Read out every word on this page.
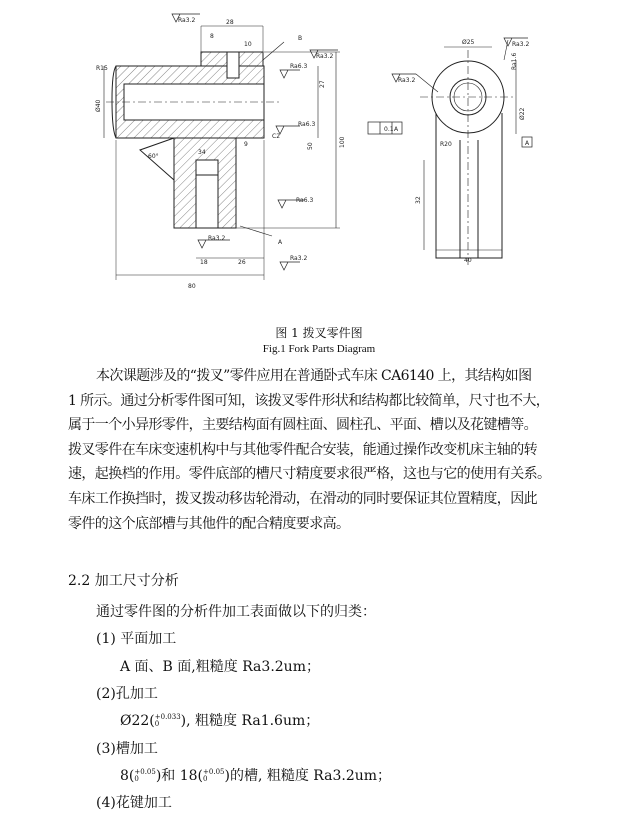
Ra3.2	28
8
10
B
Ra3.2
Ra6.3
27
100
50
Ra6.3
C2
R15
Ø40
60°
34
9
Ra6.3
Ra3.2
A
Ra3.2
18	26
80
Ra3.2
Ø25	Ra3.2
Ra1.6
Ø22
0.1 A
A
R20
32
40
图 1 拨叉零件图
Fig.1 Fork Parts Diagram

本次课题涉及的“拨叉”零件应用在普通卧式车床 CA6140 上，其结构如图
1 所示。通过分析零件图可知，该拨叉零件形状和结构都比较简单，尺寸也不大，
属于一个小异形零件，主要结构面有圆柱面、圆柱孔、平面、槽以及花键槽等。
拨叉零件在车床变速机构中与其他零件配合安装，能通过操作改变机床主轴的转
速，起换档的作用。零件底部的槽尺寸精度要求很严格，这也与它的使用有关系。
车床工作换挡时，拨叉拨动移齿轮滑动，在滑动的同时要保证其位置精度，因此
零件的这个底部槽与其他件的配合精度要求高。

2.2 加工尺寸分析
通过零件图的分析件加工表面做以下的归类：
(1) 平面加工
A 面、B 面,粗糙度 Ra3.2um；
(2)孔加工
Ø22(+0.033
0 ), 粗糙度 Ra1.6um；
(3)槽加工
8(+0.05
0 )和 18(+0.05
0 )的槽, 粗糙度 Ra3.2um；
(4)花键加工
